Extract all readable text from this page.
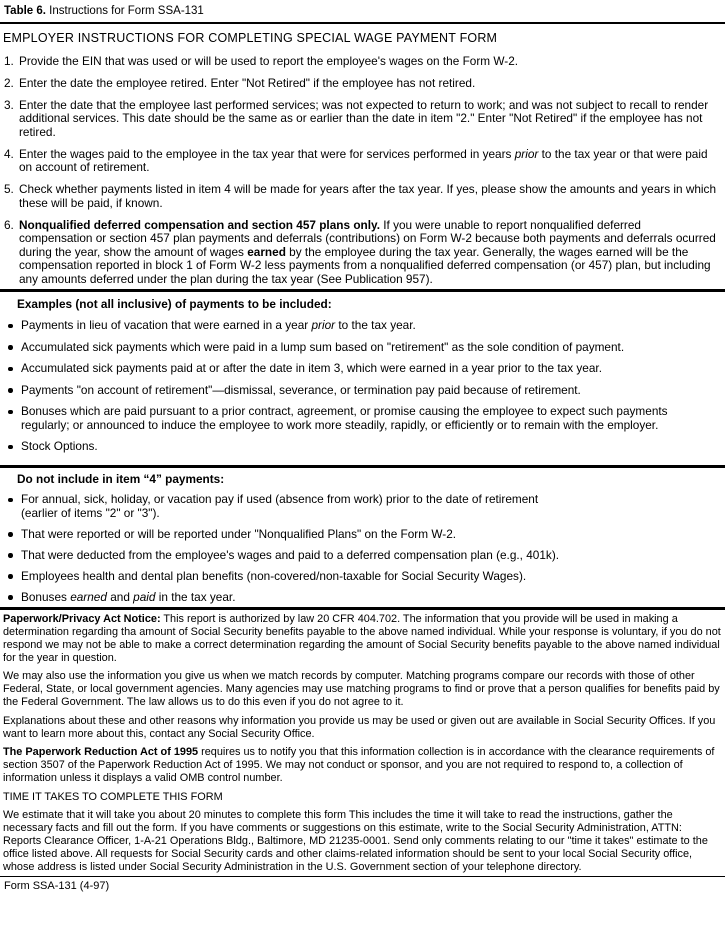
Table 6. Instructions for Form SSA-131
EMPLOYER INSTRUCTIONS FOR COMPLETING SPECIAL WAGE PAYMENT FORM
1. Provide the EIN that was used or will be used to report the employee's wages on the Form W-2.
2. Enter the date the employee retired. Enter "Not Retired" if the employee has not retired.
3. Enter the date that the employee last performed services; was not expected to return to work; and was not subject to recall to render additional services. This date should be the same as or earlier than the date in item "2." Enter "Not Retired" if the employee has not retired.
4. Enter the wages paid to the employee in the tax year that were for services performed in years prior to the tax year or that were paid on account of retirement.
5. Check whether payments listed in item 4 will be made for years after the tax year. If yes, please show the amounts and years in which these will be paid, if known.
6. Nonqualified deferred compensation and section 457 plans only. If you were unable to report nonqualified deferred compensation or section 457 plan payments and deferrals (contributions) on Form W-2 because both payments and deferrals ocurred during the year, show the amount of wages earned by the employee during the tax year. Generally, the wages earned will be the compensation reported in block 1 of Form W-2 less payments from a nonqualified deferred compensation (or 457) plan, but including any amounts deferred under the plan during the tax year (See Publication 957).
Examples (not all inclusive) of payments to be included:
Payments in lieu of vacation that were earned in a year prior to the tax year.
Accumulated sick payments which were paid in a lump sum based on "retirement" as the sole condition of payment.
Accumulated sick payments paid at or after the date in item 3, which were earned in a year prior to the tax year.
Payments "on account of retirement"—dismissal, severance, or termination pay paid because of retirement.
Bonuses which are paid pursuant to a prior contract, agreement, or promise causing the employee to expect such payments regularly; or announced to induce the employee to work more steadily, rapidly, or efficiently or to remain with the employer.
Stock Options.
Do not include in item “4” payments:
For annual, sick, holiday, or vacation pay if used (absence from work) prior to the date of retirement
(earlier of items "2" or "3").
That were reported or will be reported under "Nonqualified Plans" on the Form W-2.
That were deducted from the employee's wages and paid to a deferred compensation plan (e.g., 401k).
Employees health and dental plan benefits (non-covered/non-taxable for Social Security Wages).
Bonuses earned and paid in the tax year.
Paperwork/Privacy Act Notice: This report is authorized by law 20 CFR 404.702. The information that you provide will be used in making a determination regarding tha amount of Social Security benefits payable to the above named individual. While your response is voluntary, if you do not respond we may not be able to make a correct determination regarding the amount of Social Security benefits payable to the above named individual for the year in question.
We may also use the information you give us when we match records by computer. Matching programs compare our records with those of other Federal, State, or local government agencies. Many agencies may use matching programs to find or prove that a person qualifies for benefits paid by the Federal Government. The law allows us to do this even if you do not agree to it.
Explanations about these and other reasons why information you provide us may be used or given out are available in Social Security Offices. If you want to learn more about this, contact any Social Security Office.
The Paperwork Reduction Act of 1995 requires us to notify you that this information collection is in accordance with the clearance requirements of section 3507 of the Paperwork Reduction Act of 1995. We may not conduct or sponsor, and you are not required to respond to, a collection of information unless it displays a valid OMB control number.
TIME IT TAKES TO COMPLETE THIS FORM
We estimate that it will take you about 20 minutes to complete this form This includes the time it will take to read the instructions, gather the necessary facts and fill out the form. If you have comments or suggestions on this estimate, write to the Social Security Administration, ATTN: Reports Clearance Officer, 1-A-21 Operations Bldg., Baltimore, MD 21235-0001. Send only comments relating to our "time it takes" estimate to the office listed above. All requests for Social Security cards and other claims-related information should be sent to your local Social Security office, whose address is listed under Social Security Administration in the U.S. Government section of your telephone directory.
Form SSA-131 (4-97)
